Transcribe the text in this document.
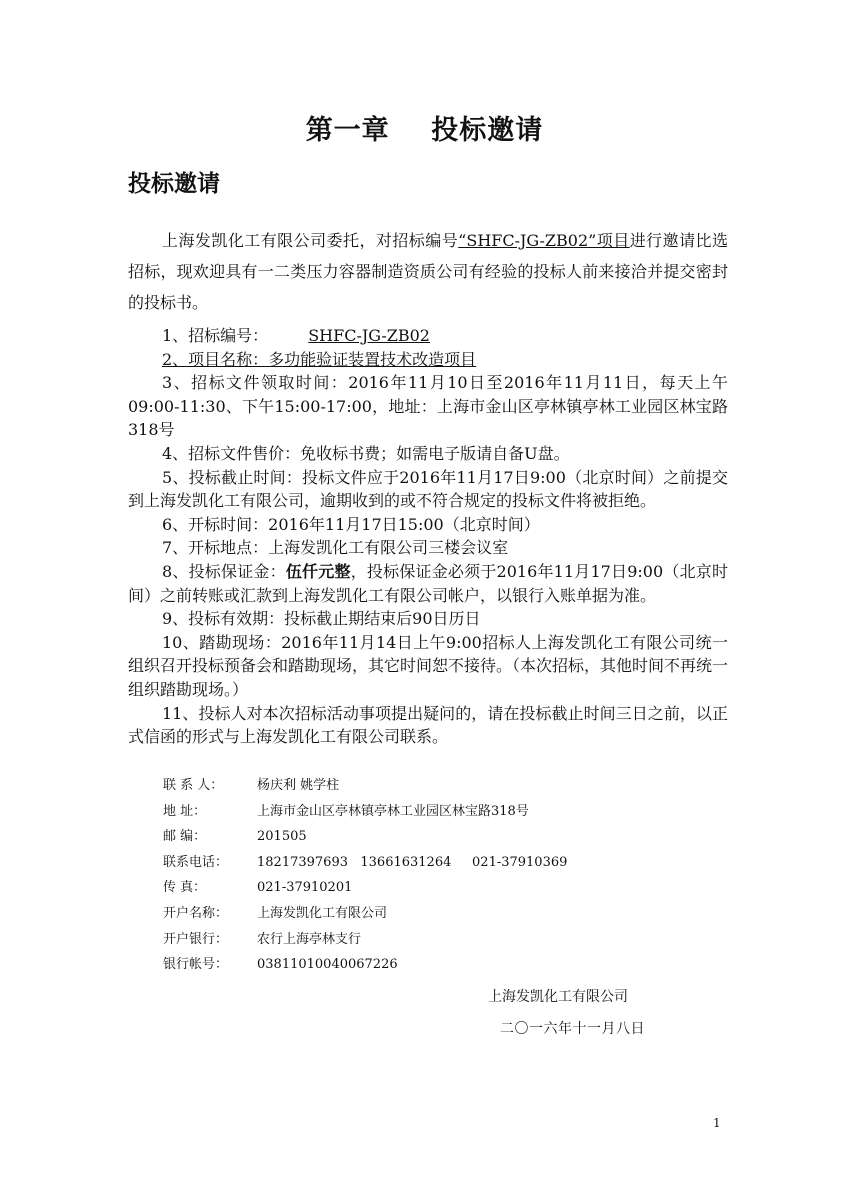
第一章    投标邀请
投标邀请

上海发凯化工有限公司委托，对招标编号“SHFC-JG-ZB02”项目进行邀请比选招标，现欢迎具有一二类压力容器制造资质公司有经验的投标人前来接洽并提交密封的投标书。

1、招标编号：	SHFC-JG-ZB02
2、项目名称：多功能验证装置技术改造项目
3、招标文件领取时间：2016年11月10日至2016年11月11日，每天上午09:00-11:30、下午15:00-17:00，地址：上海市金山区亭林镇亭林工业园区林宝路318号
4、招标文件售价：免收标书费；如需电子版请自备U盘。
5、投标截止时间：投标文件应于2016年11月17日9:00（北京时间）之前提交到上海发凯化工有限公司，逾期收到的或不符合规定的投标文件将被拒绝。
6、开标时间：2016年11月17日15:00（北京时间）
7、开标地点：上海发凯化工有限公司三楼会议室
8、投标保证金：伍仟元整，投标保证金必须于2016年11月17日9:00（北京时间）之前转账或汇款到上海发凯化工有限公司帐户，以银行入账单据为准。
9、投标有效期：投标截止期结束后90日历日
10、踏勘现场：2016年11月14日上午9:00招标人上海发凯化工有限公司统一组织召开投标预备会和踏勘现场，其它时间恕不接待。（本次招标，其他时间不再统一组织踏勘现场。）
11、投标人对本次招标活动事项提出疑问的，请在投标截止时间三日之前，以正式信函的形式与上海发凯化工有限公司联系。
联 系 人：	杨庆利 姚学柱
地 址：	上海市金山区亭林镇亭林工业园区林宝路318号
邮 编：	201505
联系电话：	18217397693   13661631264     021-37910369
传 真：	021-37910201
开户名称：	上海发凯化工有限公司
开户银行：	农行上海亭林支行
银行帐号：	03811010040067226
上海发凯化工有限公司
二〇一六年十一月八日
1
